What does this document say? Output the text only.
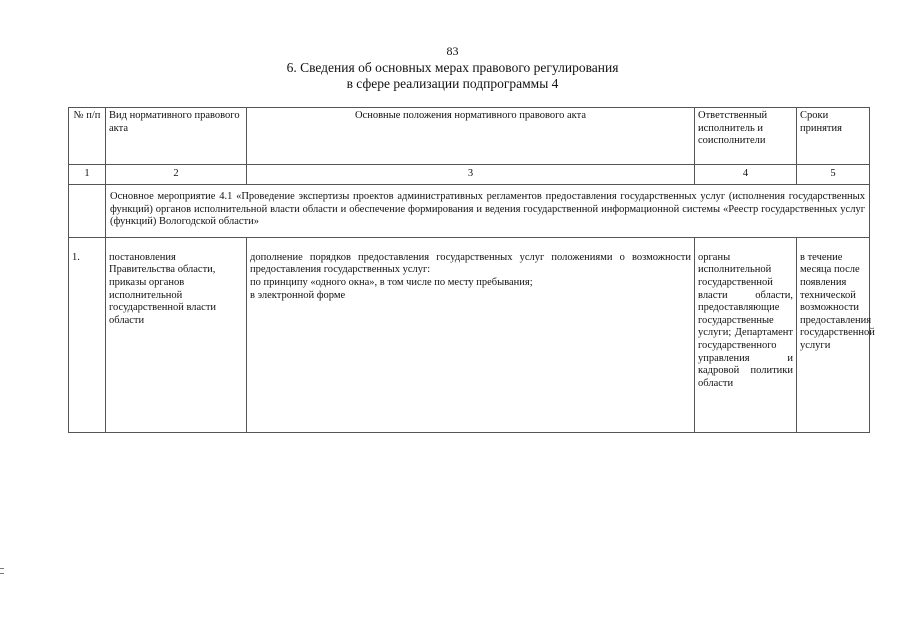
83
6. Сведения об основных мерах правового регулирования
в сфере реализации подпрограммы 4
№ п/п	Вид нормативного правового акта	Основные положения нормативного правового акта	Ответственный исполнитель и соисполнители	Сроки принятия
1	2	3	4	5
	Основное мероприятие 4.1 «Проведение экспертизы проектов административных регламентов предоставления государственных услуг (исполнения государственных функций) органов исполнительной власти области и обеспечение формирования и ведения государственной информационной системы «Реестр государственных услуг (функций) Вологодской области»			
1.	постановления Правительства области, приказы органов исполнительной государственной власти области	дополнение порядков предоставления государственных услуг положениями о возможности предоставления государственных услуг:
по принципу «одного окна», в том числе по месту пребывания;
в электронной форме	органы исполнительной государственной власти области, предоставляющие государственные услуги; Департамент государственного управления и кадровой политики области	в течение месяца после появления технической возможности предоставления государственной услуги
